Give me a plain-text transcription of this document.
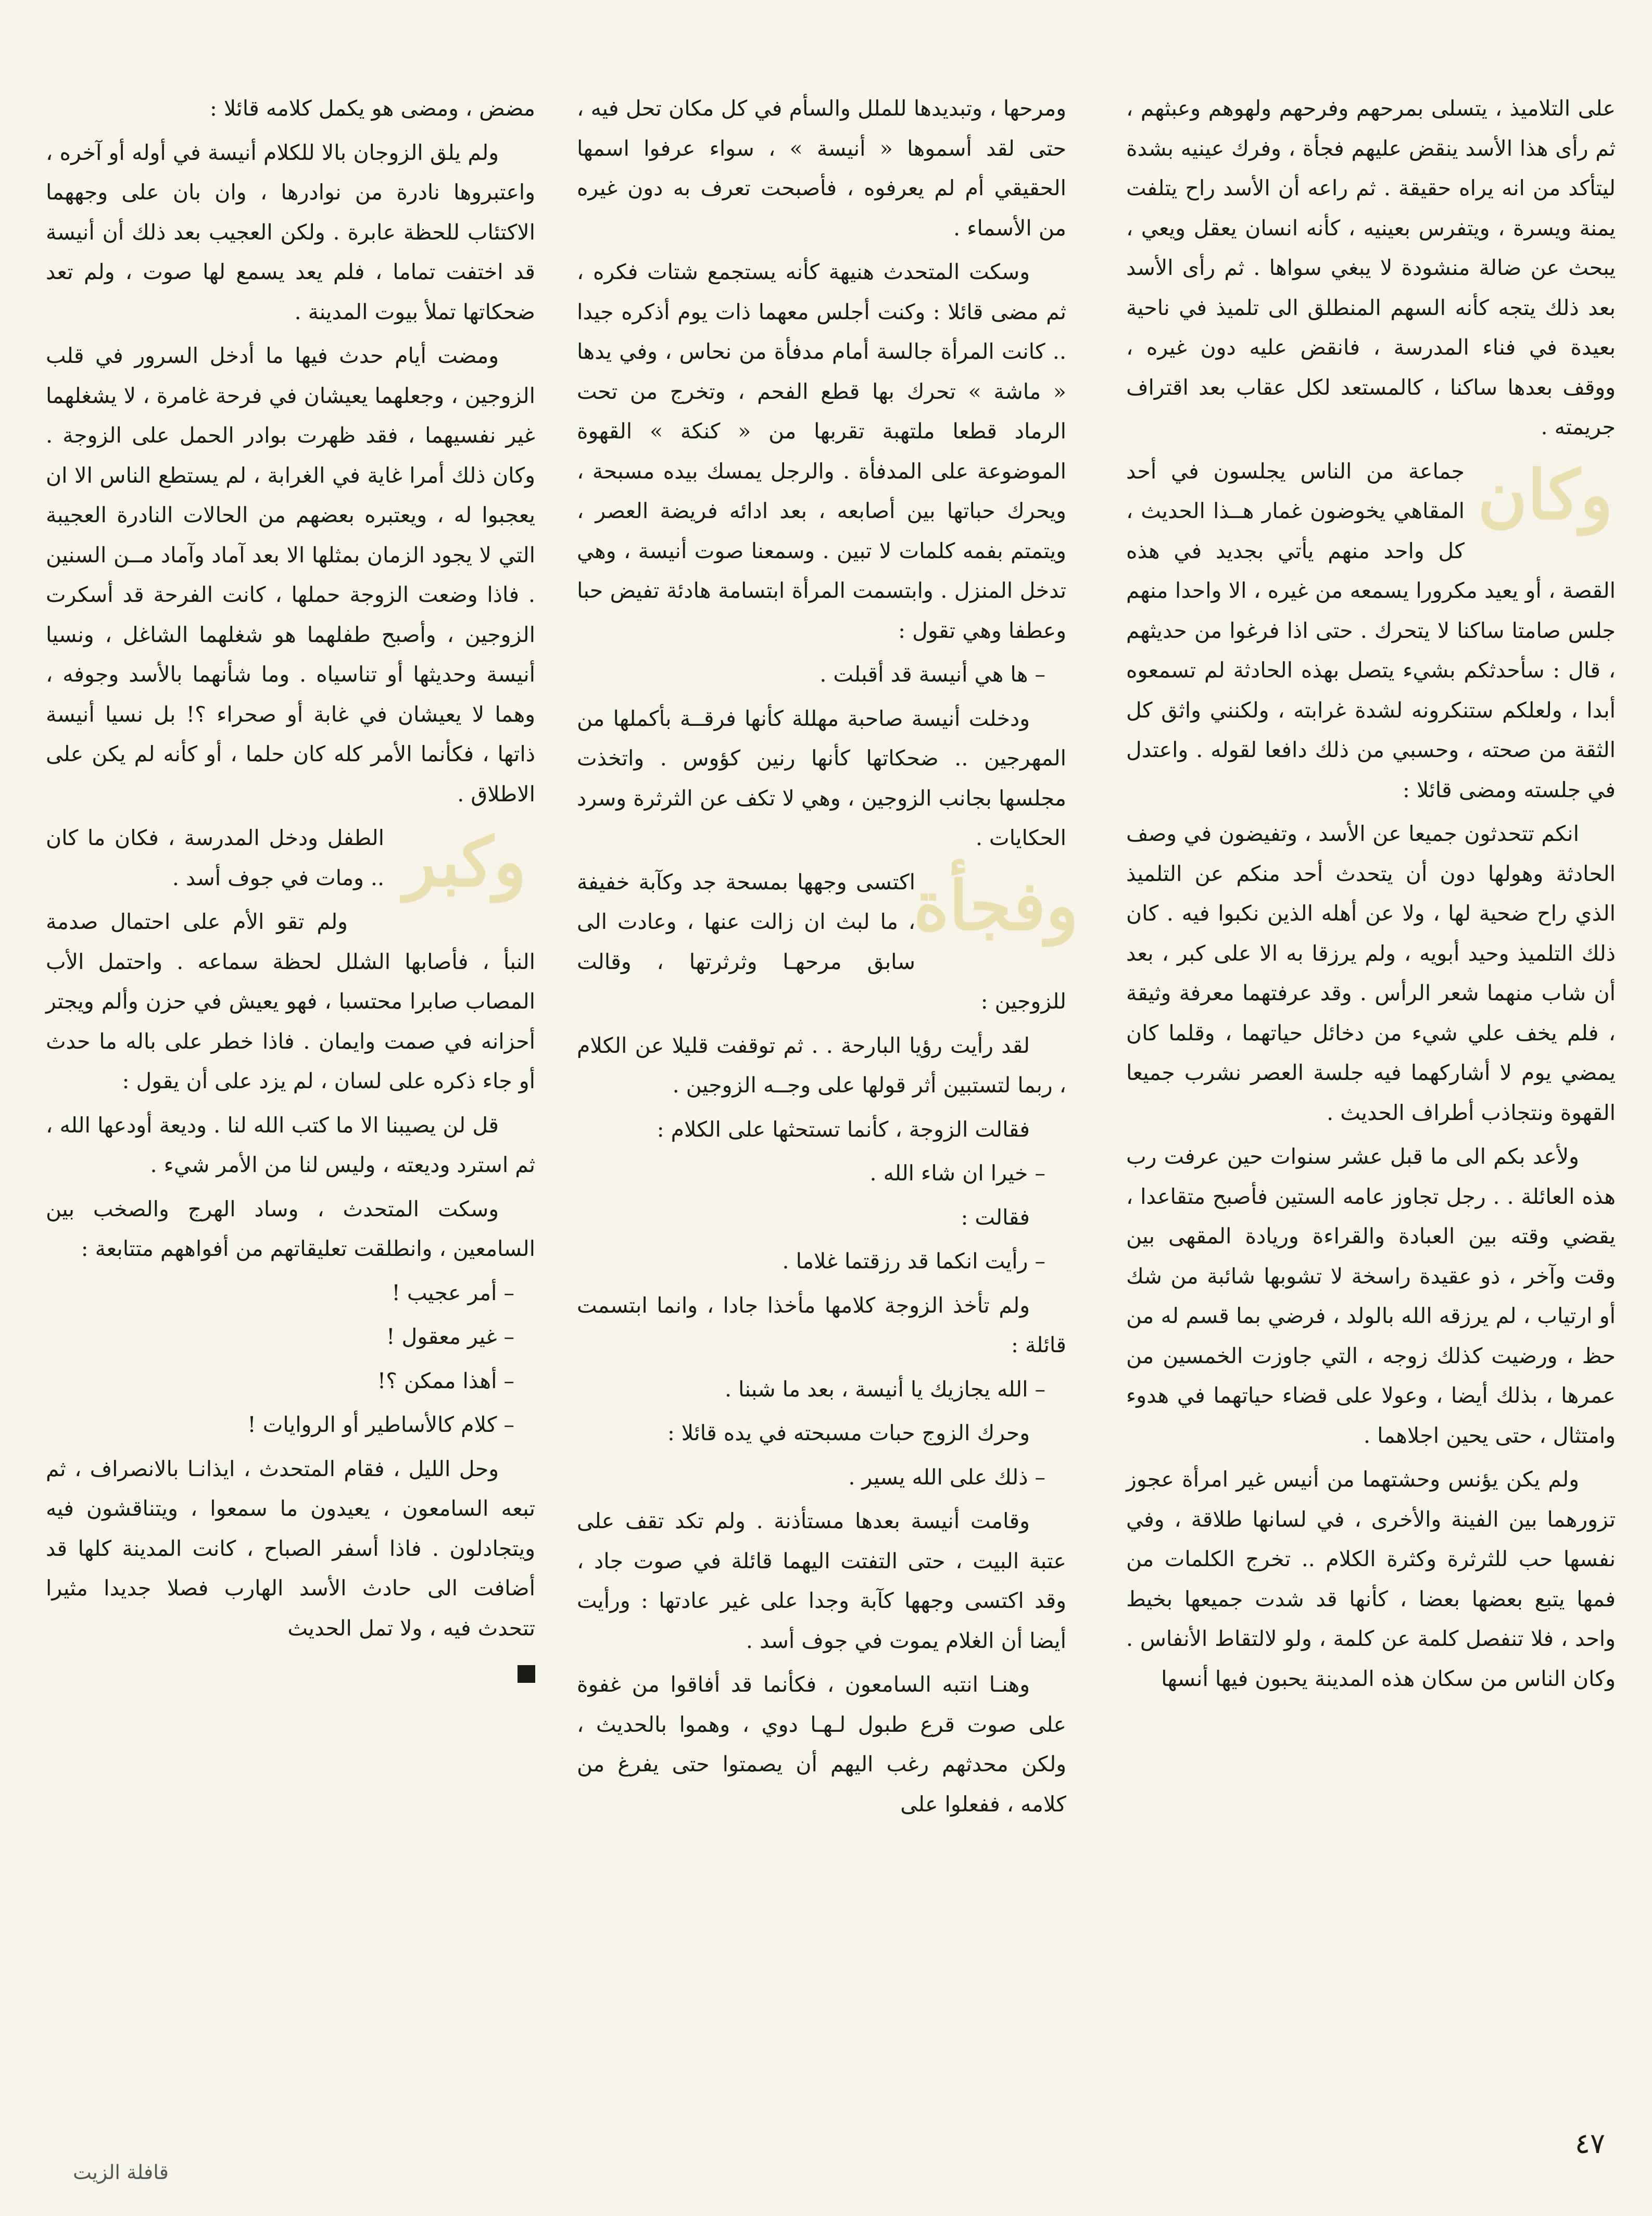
على التلاميذ ، يتسلى بمرحهم وفرحهم ولهوهم وعبثهم ، ثم رأى هذا الأسد ينقض عليهم فجأة ، وفرك عينيه بشدة ليتأكد من انه يراه حقيقة . ثم راعه أن الأسد راح يتلفت يمنة ويسرة ، ويتفرس بعينيه ، كأنه انسان يعقل ويعي ، يبحث عن ضالة منشودة لا يبغي سواها . ثم رأى الأسد بعد ذلك يتجه كأنه السهم المنطلق الى تلميذ في ناحية بعيدة في فناء المدرسة ، فانقض عليه دون غيره ، ووقف بعدها ساكنا ، كالمستعد لكل عقاب بعد اقتراف جريمته .

وكان

جماعة من الناس يجلسون في أحد المقاهي يخوضون غمار هــذا الحديث ، كل واحد منهم يأتي بجديد في هذه القصة ، أو يعيد مكرورا يسمعه من غيره ، الا واحدا منهم جلس صامتا ساكنا لا يتحرك . حتى اذا فرغوا من حديثهم ، قال : سأحدثكم بشيء يتصل بهذه الحادثة لم تسمعوه أبدا ، ولعلكم ستنكرونه لشدة غرابته ، ولكنني واثق كل الثقة من صحته ، وحسبي من ذلك دافعا لقوله . واعتدل في جلسته ومضى قائلا :

انكم تتحدثون جميعا عن الأسد ، وتفيضون في وصف الحادثة وهولها دون أن يتحدث أحد منكم عن التلميذ الذي راح ضحية لها ، ولا عن أهله الذين نكبوا فيه . كان ذلك التلميذ وحيد أبويه ، ولم يرزقا به الا على كبر ، بعد أن شاب منهما شعر الرأس . وقد عرفتهما معرفة وثيقة ، فلم يخف علي شيء من دخائل حياتهما ، وقلما كان يمضي يوم لا أشاركهما فيه جلسة العصر نشرب جميعا القهوة ونتجاذب أطراف الحديث .

ولأعد بكم الى ما قبل عشر سنوات حين عرفت رب هذه العائلة . . رجل تجاوز عامه الستين فأصبح متقاعدا ، يقضي وقته بين العبادة والقراءة وريادة المقهى بين وقت وآخر ، ذو عقيدة راسخة لا تشوبها شائبة من شك أو ارتياب ، لم يرزقه الله بالولد ، فرضي بما قسم له من حظ ، ورضيت كذلك زوجه ، التي جاوزت الخمسين من عمرها ، بذلك أيضا ، وعولا على قضاء حياتهما في هدوء وامتثال ، حتى يحين اجلاهما .

ولم يكن يؤنس وحشتهما من أنيس غير امرأة عجوز تزورهما بين الفينة والأخرى ، في لسانها طلاقة ، وفي نفسها حب للثرثرة وكثرة الكلام .. تخرج الكلمات من فمها يتبع بعضها بعضا ، كأنها قد شدت جميعها بخيط واحد ، فلا تنفصل كلمة عن كلمة ، ولو لالتقاط الأنفاس . وكان الناس من سكان هذه المدينة يحبون فيها أنسها

ومرحها ، وتبديدها للملل والسأم في كل مكان تحل فيه ، حتى لقد أسموها « أنيسة » ، سواء عرفوا اسمها الحقيقي أم لم يعرفوه ، فأصبحت تعرف به دون غيره من الأسماء .

وسكت المتحدث هنيهة كأنه يستجمع شتات فكره ، ثم مضى قائلا : وكنت أجلس معهما ذات يوم أذكره جيدا .. كانت المرأة جالسة أمام مدفأة من نحاس ، وفي يدها « ماشة » تحرك بها قطع الفحم ، وتخرج من تحت الرماد قطعا ملتهبة تقربها من « كنكة » القهوة الموضوعة على المدفأة . والرجل يمسك بيده مسبحة ، ويحرك حباتها بين أصابعه ، بعد ادائه فريضة العصر ، ويتمتم بفمه كلمات لا تبين . وسمعنا صوت أنيسة ، وهي تدخل المنزل . وابتسمت المرأة ابتسامة هادئة تفيض حبا وعطفا وهي تقول :

– ها هي أنيسة قد أقبلت .

ودخلت أنيسة صاحبة مهللة كأنها فرقــة بأكملها من المهرجين .. ضحكاتها كأنها رنين كؤوس . واتخذت مجلسها بجانب الزوجين ، وهي لا تكف عن الثرثرة وسرد الحكايات .

وفجأة

اكتسى وجهها بمسحة جد وكآبة خفيفة ، ما لبث ان زالت عنها ، وعادت الى سابق مرحهـا وثرثرتها ، وقالت للزوجين :

لقد رأيت رؤيا البارحة . . ثم توقفت قليلا عن الكلام ، ربما لتستبين أثر قولها على وجــه الزوجين .

فقالت الزوجة ، كأنما تستحثها على الكلام :

– خيرا ان شاء الله .

فقالت :

– رأيت انكما قد رزقتما غلاما .

ولم تأخذ الزوجة كلامها مأخذا جادا ، وانما ابتسمت قائلة :

– الله يجازيك يا أنيسة ، بعد ما شبنا .

وحرك الزوج حبات مسبحته في يده قائلا :

– ذلك على الله يسير .

وقامت أنيسة بعدها مستأذنة . ولم تكد تقف على عتبة البيت ، حتى التفتت اليهما قائلة في صوت جاد ، وقد اكتسى وجهها كآبة وجدا على غير عادتها : ورأيت أيضا أن الغلام يموت في جوف أسد .

وهنـا انتبه السامعون ، فكأنما قد أفاقوا من غفوة على صوت قرع طبول لـهـا دوي ، وهموا بالحديث ، ولكن محدثهم رغب اليهم أن يصمتوا حتى يفرغ من كلامه ، ففعلوا على

مضض ، ومضى هو يكمل كلامه قائلا :

ولم يلق الزوجان بالا للكلام أنيسة في أوله أو آخره ، واعتبروها نادرة من نوادرها ، وان بان على وجههما الاكتئاب للحظة عابرة . ولكن العجيب بعد ذلك أن أنيسة قد اختفت تماما ، فلم يعد يسمع لها صوت ، ولم تعد ضحكاتها تملأ بيوت المدينة .

ومضت أيام حدث فيها ما أدخل السرور في قلب الزوجين ، وجعلهما يعيشان في فرحة غامرة ، لا يشغلهما غير نفسيهما ، فقد ظهرت بوادر الحمل على الزوجة . وكان ذلك أمرا غاية في الغرابة ، لم يستطع الناس الا ان يعجبوا له ، ويعتبره بعضهم من الحالات النادرة العجيبة التي لا يجود الزمان بمثلها الا بعد آماد وآماد مــن السنين . فاذا وضعت الزوجة حملها ، كانت الفرحة قد أسكرت الزوجين ، وأصبح طفلهما هو شغلهما الشاغل ، ونسيا أنيسة وحديثها أو تناسياه . وما شأنهما بالأسد وجوفه ، وهما لا يعيشان في غابة أو صحراء ؟! بل نسيا أنيسة ذاتها ، فكأنما الأمر كله كان حلما ، أو كأنه لم يكن على الاطلاق .

وكبر

الطفل ودخل المدرسة ، فكان ما كان .. ومات في جوف أسد .

ولم تقو الأم على احتمال صدمة النبأ ، فأصابها الشلل لحظة سماعه . واحتمل الأب المصاب صابرا محتسبا ، فهو يعيش في حزن وألم ويجتر أحزانه في صمت وايمان . فاذا خطر على باله ما حدث أو جاء ذكره على لسان ، لم يزد على أن يقول :

قل لن يصيبنا الا ما كتب الله لنا . وديعة أودعها الله ، ثم استرد وديعته ، وليس لنا من الأمر شيء .

وسكت المتحدث ، وساد الهرج والصخب بين السامعين ، وانطلقت تعليقاتهم من أفواههم متتابعة :

– أمر عجيب !

– غير معقول !

– أهذا ممكن ؟!

– كلام كالأساطير أو الروايات !

وحل الليل ، فقام المتحدث ، ايذانـا بالانصراف ، ثم تبعه السامعون ، يعيدون ما سمعوا ، ويتناقشون فيه ويتجادلون . فاذا أسفر الصباح ، كانت المدينة كلها قد أضافت الى حادث الأسد الهارب فصلا جديدا مثيرا تتحدث فيه ، ولا تمل الحديث

٤٧
قافلة الزيت
